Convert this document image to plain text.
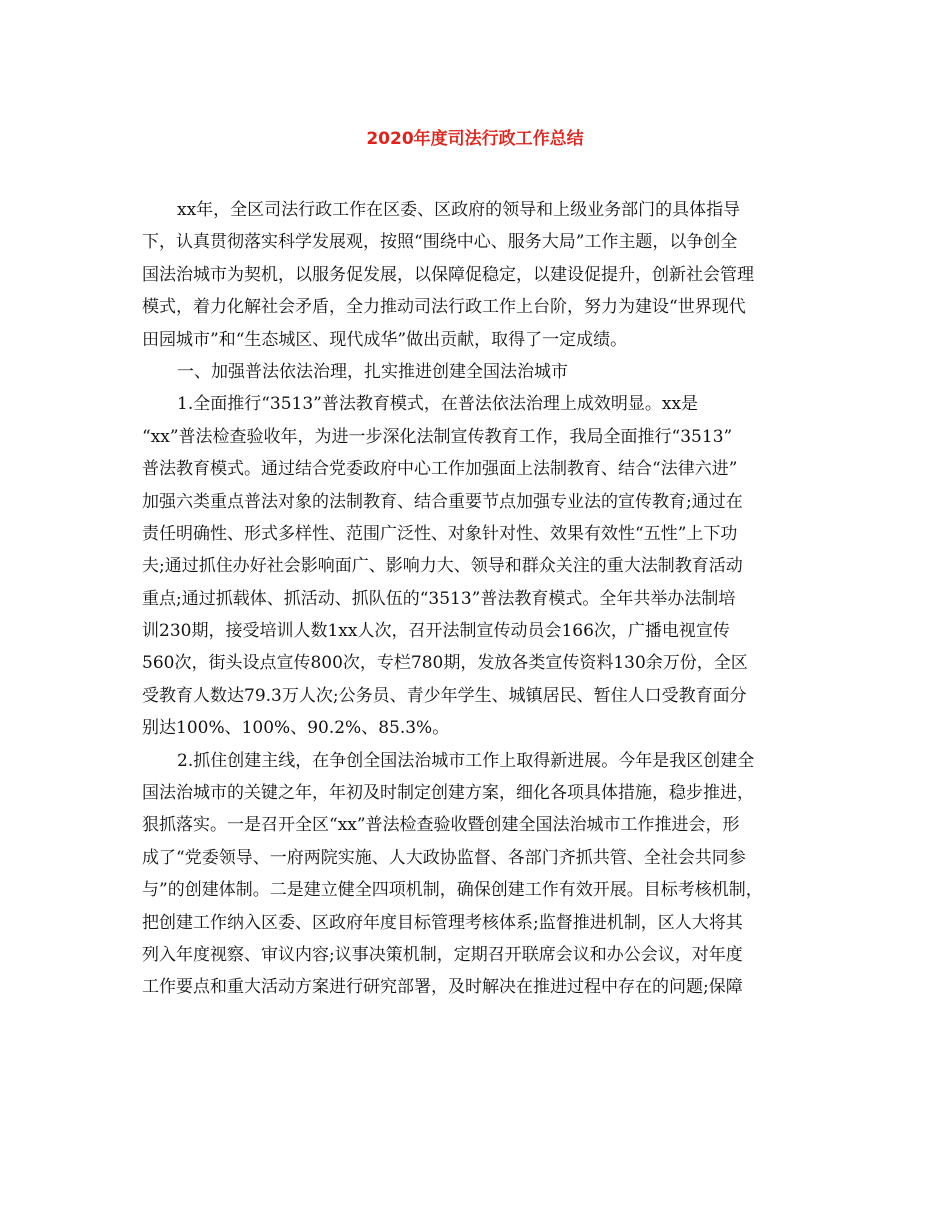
2020年度司法行政工作总结
xx年，全区司法行政工作在区委、区政府的领导和上级业务部门的具体指导
下，认真贯彻落实科学发展观，按照“围绕中心、服务大局”工作主题，以争创全
国法治城市为契机，以服务促发展，以保障促稳定，以建设促提升，创新社会管理
模式，着力化解社会矛盾，全力推动司法行政工作上台阶，努力为建设“世界现代
田园城市”和“生态城区、现代成华”做出贡献，取得了一定成绩。
一、加强普法依法治理，扎实推进创建全国法治城市
1.全面推行“3513”普法教育模式，在普法依法治理上成效明显。xx是
“xx”普法检查验收年，为进一步深化法制宣传教育工作，我局全面推行“3513”
普法教育模式。通过结合党委政府中心工作加强面上法制教育、结合“法律六进”
加强六类重点普法对象的法制教育、结合重要节点加强专业法的宣传教育;通过在
责任明确性、形式多样性、范围广泛性、对象针对性、效果有效性“五性”上下功
夫;通过抓住办好社会影响面广、影响力大、领导和群众关注的重大法制教育活动
重点;通过抓载体、抓活动、抓队伍的“3513”普法教育模式。全年共举办法制培
训230期，接受培训人数1xx人次，召开法制宣传动员会166次，广播电视宣传
560次，街头设点宣传800次，专栏780期，发放各类宣传资料130余万份，全区
受教育人数达79.3万人次;公务员、青少年学生、城镇居民、暂住人口受教育面分
别达100%、100%、90.2%、85.3%。
2.抓住创建主线，在争创全国法治城市工作上取得新进展。今年是我区创建全
国法治城市的关键之年，年初及时制定创建方案，细化各项具体措施，稳步推进，
狠抓落实。一是召开全区“xx”普法检查验收暨创建全国法治城市工作推进会，形
成了“党委领导、一府两院实施、人大政协监督、各部门齐抓共管、全社会共同参
与”的创建体制。二是建立健全四项机制，确保创建工作有效开展。目标考核机制，
把创建工作纳入区委、区政府年度目标管理考核体系;监督推进机制，区人大将其
列入年度视察、审议内容;议事决策机制，定期召开联席会议和办公会议，对年度
工作要点和重大活动方案进行研究部署，及时解决在推进过程中存在的问题;保障
